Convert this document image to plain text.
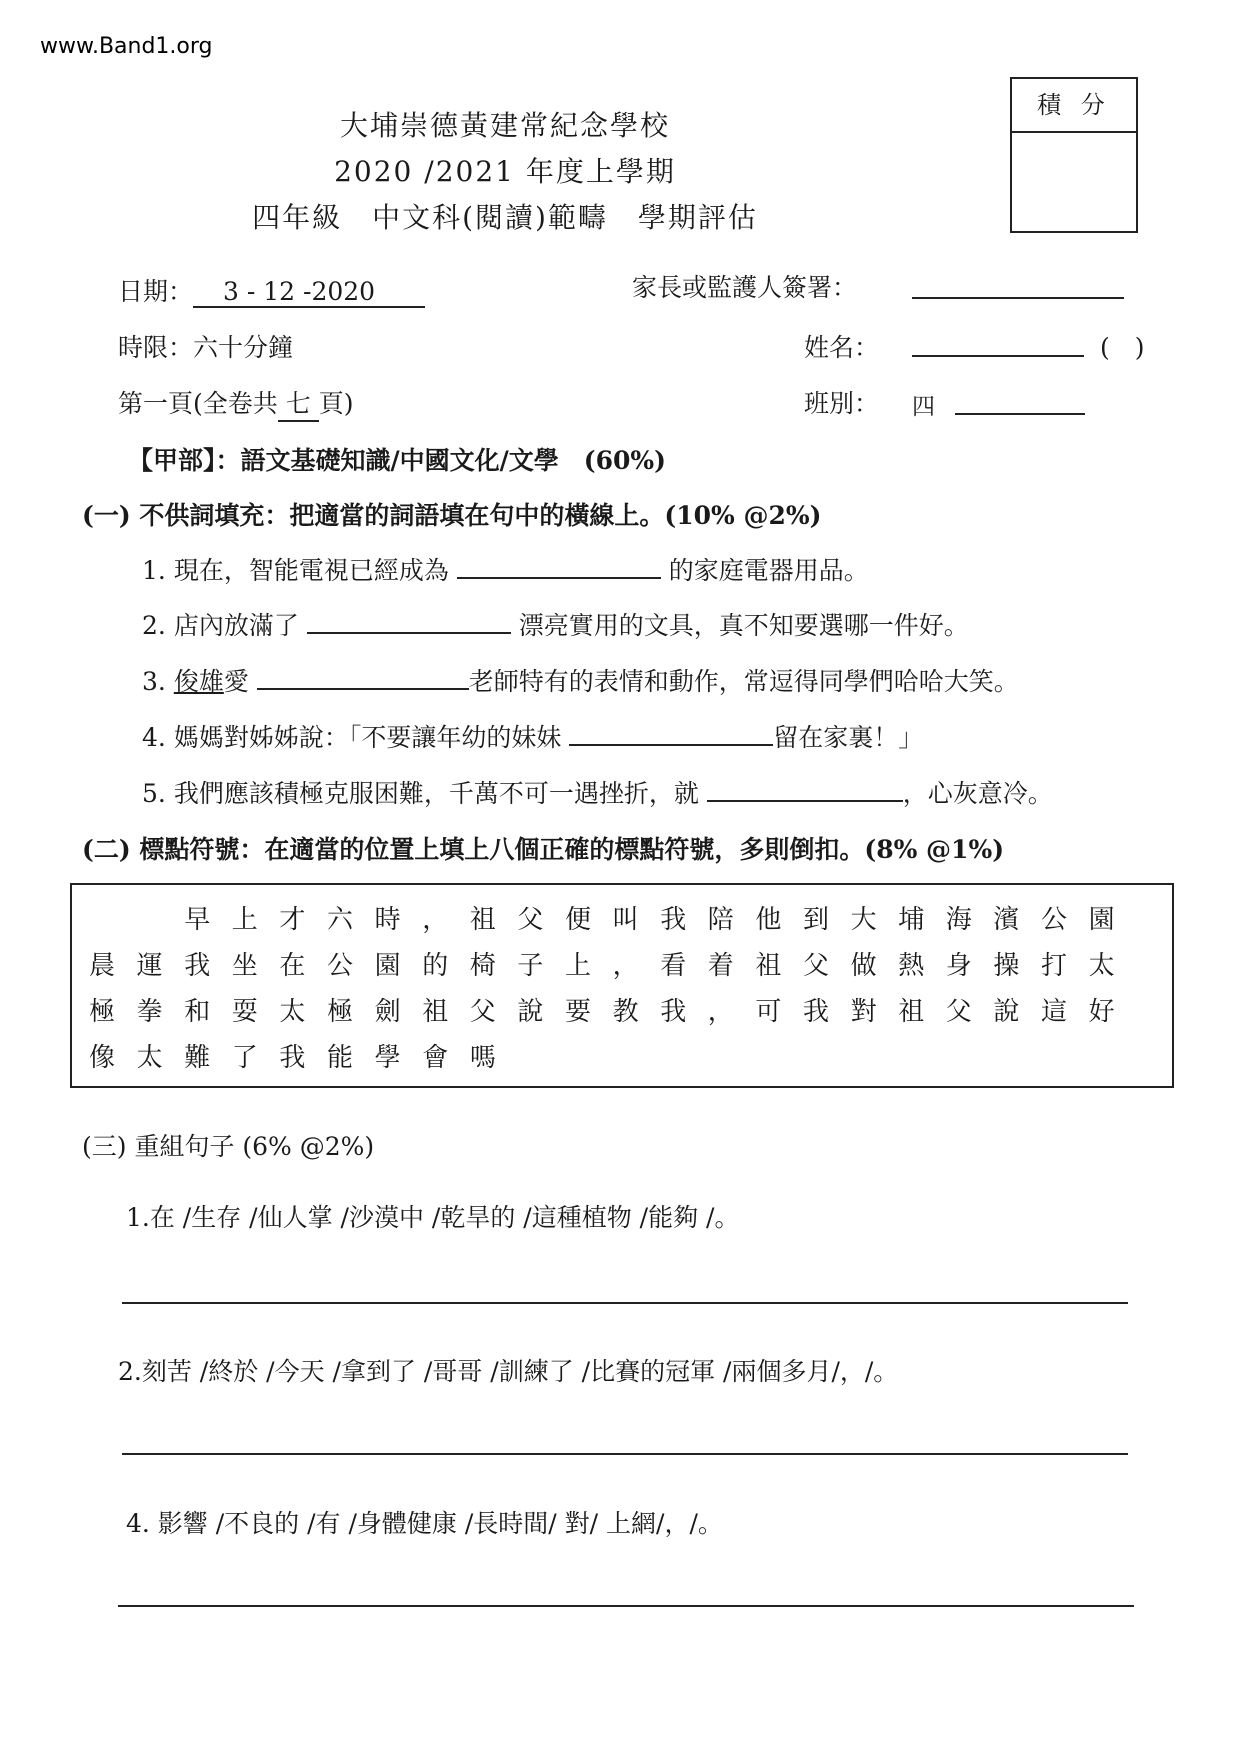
www.Band1.org
大埔崇德黃建常紀念學校
2020 /2021 年度上學期
四年級　中文科(閱讀)範疇　學期評估
積 分
日期： 3 - 12 -2020	家長或監護人簽署：
時限：六十分鐘	姓名：	(　)
第一頁(全卷共 七 頁)	班別： 四
【甲部】：語文基礎知識/中國文化/文學　(60%)
(一) 不供詞填充：把適當的詞語填在句中的橫線上。(10% @2%)
1. 現在，智能電視已經成為	的家庭電器用品。
2. 店內放滿了	漂亮實用的文具，真不知要選哪一件好。
3. 俊雄愛	老師特有的表情和動作，常逗得同學們哈哈大笑。
4. 媽媽對姊姊說：「不要讓年幼的妹妹	留在家裏！」
5. 我們應該積極克服困難，千萬不可一遇挫折，就	，心灰意冷。
(二) 標點符號：在適當的位置上填上八個正確的標點符號，多則倒扣。(8% @1%)

　　早上才六時，祖父便叫我陪他到大埔海濱公園晨運我坐在公園的椅子上，看着祖父做熱身操打太極拳和耍太極劍祖父說要教我，可我對祖父說這好像太難了我能學會嗎

(三) 重組句子 (6% @2%)
1.在 /生存 /仙人掌 /沙漠中 /乾旱的 /這種植物 /能夠 /。
2.刻苦 /終於 /今天 /拿到了 /哥哥 /訓練了 /比賽的冠軍 /兩個多月/，/。
4. 影響 /不良的 /有 /身體健康 /長時間/ 對/ 上網/，/。
